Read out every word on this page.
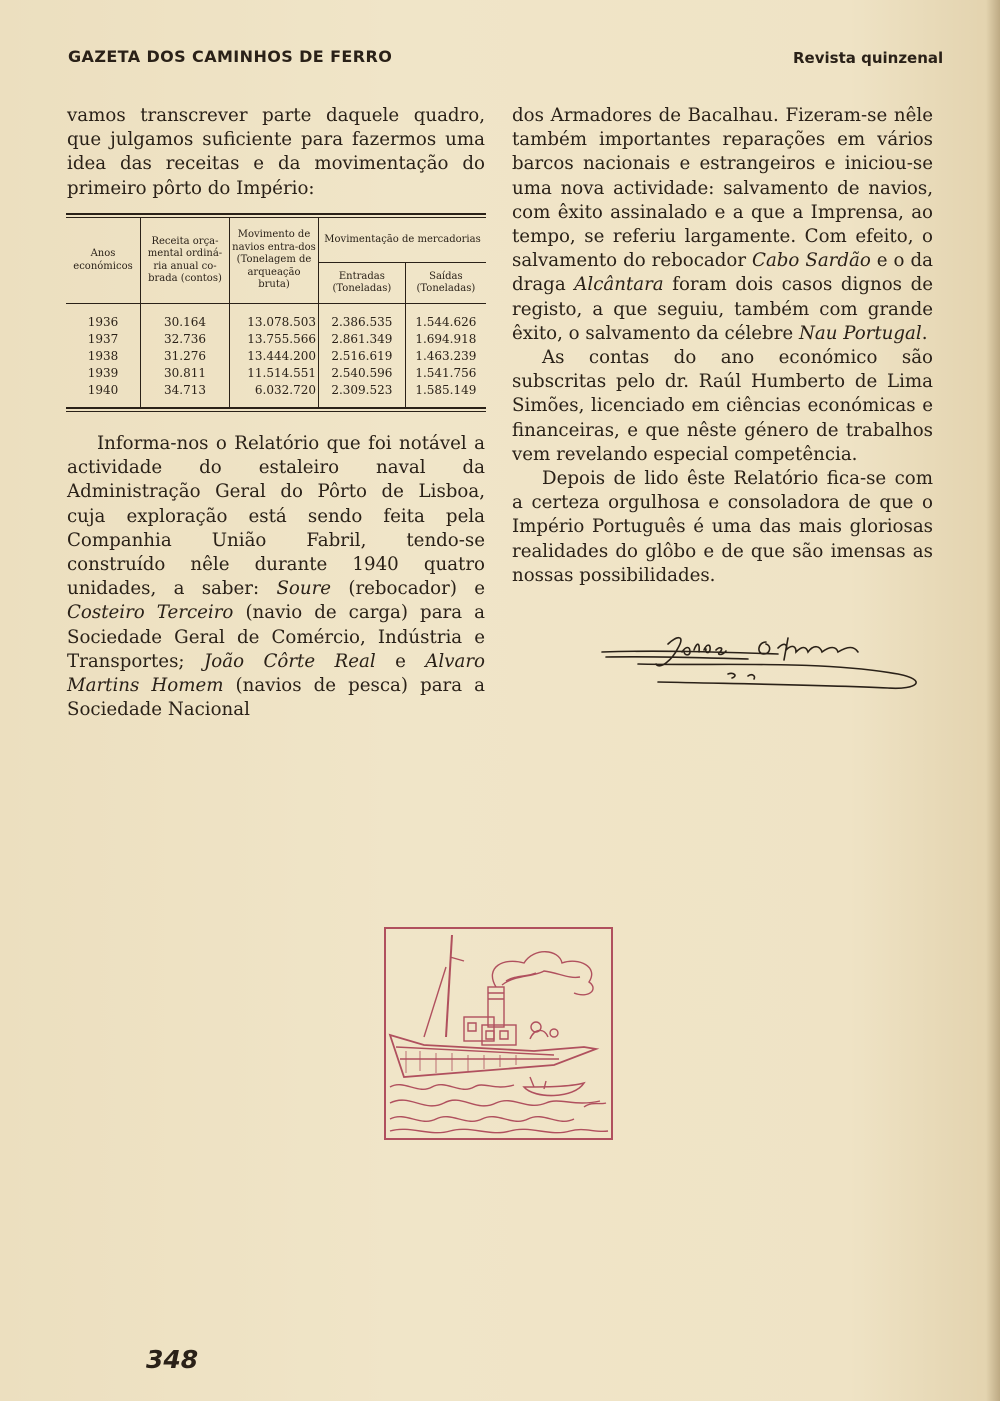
GAZETA DOS CAMINHOS DE FERRO	Revista quinzenal

vamos transcrever parte daquele quadro, que julgamos suficiente para fazermos uma idea das receitas e da movimentação do primeiro pôrto do Império:

Anos económicos	Receita orça-mental ordiná-ria anual co-brada (contos)	Movimento de navios entra-dos (Tonelagem de arqueação bruta)	Movimentação de mercadorias	
			Entradas (Toneladas)	Saídas (Toneladas)

1936	30.164	13.078.503	2.386.535	1.544.626
1937	32.736	13.755.566	2.861.349	1.694.918
1938	31.276	13.444.200	2.516.619	1.463.239
1939	30.811	11.514.551	2.540.596	1.541.756
1940	34.713	6.032.720	2.309.523	1.585.149

Informa-nos o Relatório que foi notável a actividade do estaleiro naval da Administração Geral do Pôrto de Lisboa, cuja exploração está sendo feita pela Companhia União Fabril, tendo-se construído nêle durante 1940 quatro unidades, a saber: Soure (rebocador) e Costeiro Terceiro (navio de carga) para a Sociedade Geral de Comércio, Indústria e Transportes; João Côrte Real e Alvaro Martins Homem (navios de pesca) para a Sociedade Nacional

dos Armadores de Bacalhau. Fizeram-se nêle também importantes reparações em vários barcos nacionais e estrangeiros e iniciou-se uma nova actividade: salvamento de navios, com êxito assinalado e a que a Imprensa, ao tempo, se referiu largamente. Com efeito, o salvamento do rebocador Cabo Sardão e o da draga Alcântara foram dois casos dignos de registo, a que seguiu, também com grande êxito, o salvamento da célebre Nau Portugal.

As contas do ano económico são subscritas pelo dr. Raúl Humberto de Lima Simões, licenciado em ciências económicas e financeiras, e que nêste género de trabalhos vem revelando especial competência.

Depois de lido êste Relatório fica-se com a certeza orgulhosa e consoladora de que o Império Português é uma das mais gloriosas realidades do glôbo e de que são imensas as nossas possibilidades.

348
